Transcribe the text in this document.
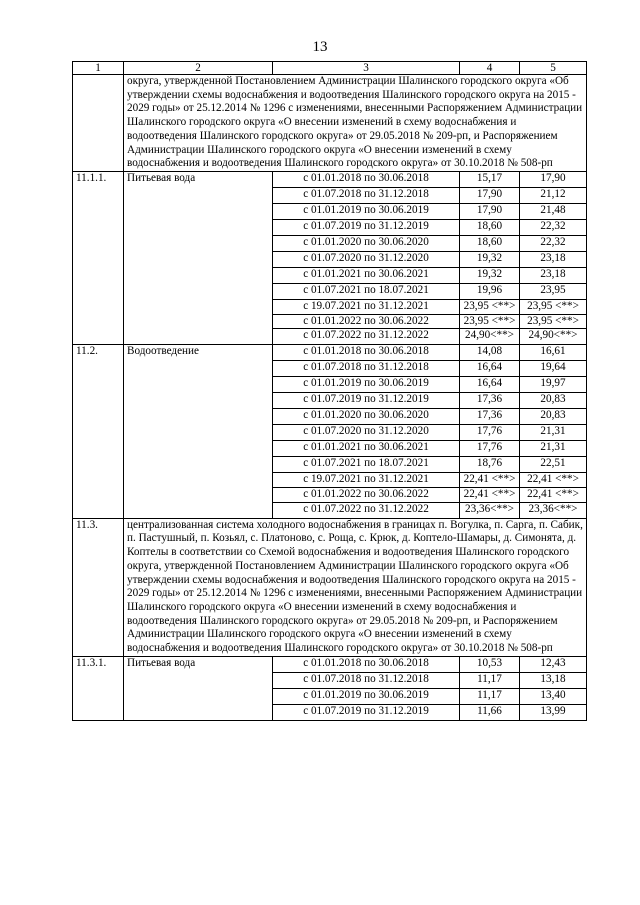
13
1	2	3	4	5
	округа, утвержденной Постановлением Администрации Шалинского городского округа «Об утверждении схемы водоснабжения и водоотведения Шалинского городского округа на 2015 - 2029 годы» от 25.12.2014 № 1296 с изменениями, внесенными Распоряжением Администрации Шалинского городского округа «О внесении изменений в схему водоснабжения и водоотведения Шалинского городского округа» от 29.05.2018 № 209-рп, и Распоряжением Администрации Шалинского городского округа «О внесении изменений в схему водоснабжения и водоотведения Шалинского городского округа» от 30.10.2018 № 508-рп			
11.1.1.	Питьевая вода	с 01.01.2018 по 30.06.2018	15,17	17,90
		с 01.07.2018 по 31.12.2018	17,90	21,12
		с 01.01.2019 по 30.06.2019	17,90	21,48
		с 01.07.2019 по 31.12.2019	18,60	22,32
		с 01.01.2020 по 30.06.2020	18,60	22,32
		с 01.07.2020 по 31.12.2020	19,32	23,18
		с 01.01.2021 по 30.06.2021	19,32	23,18
		с 01.07.2021 по 18.07.2021	19,96	23,95
		с 19.07.2021 по 31.12.2021	23,95 <**>	23,95 <**>
		с 01.01.2022 по 30.06.2022	23,95 <**>	23,95 <**>
		с 01.07.2022 по 31.12.2022	24,90<**>	24,90<**>
11.2.	Водоотведение	с 01.01.2018 по 30.06.2018	14,08	16,61
		с 01.07.2018 по 31.12.2018	16,64	19,64
		с 01.01.2019 по 30.06.2019	16,64	19,97
		с 01.07.2019 по 31.12.2019	17,36	20,83
		с 01.01.2020 по 30.06.2020	17,36	20,83
		с 01.07.2020 по 31.12.2020	17,76	21,31
		с 01.01.2021 по 30.06.2021	17,76	21,31
		с 01.07.2021 по 18.07.2021	18,76	22,51
		с 19.07.2021 по 31.12.2021	22,41 <**>	22,41 <**>
		с 01.01.2022 по 30.06.2022	22,41 <**>	22,41 <**>
		с 01.07.2022 по 31.12.2022	23,36<**>	23,36<**>
11.3.	централизованная система холодного водоснабжения в границах п. Вогулка, п. Сарга, п. Сабик, п. Пастушный, п. Козьял, с. Платоново, с. Роща, с. Крюк, д. Коптело-Шамары, д. Симонята, д. Коптелы в соответствии со Схемой водоснабжения и водоотведения Шалинского городского округа, утвержденной Постановлением Администрации Шалинского городского округа «Об утверждении схемы водоснабжения и водоотведения Шалинского городского округа на 2015 - 2029 годы» от 25.12.2014 № 1296 с изменениями, внесенными Распоряжением Администрации Шалинского городского округа «О внесении изменений в схему водоснабжения и водоотведения Шалинского городского округа» от 29.05.2018 № 209-рп, и Распоряжением Администрации Шалинского городского округа «О внесении изменений в схему водоснабжения и водоотведения Шалинского городского округа» от 30.10.2018 № 508-рп			
11.3.1.	Питьевая вода	с 01.01.2018 по 30.06.2018	10,53	12,43
		с 01.07.2018 по 31.12.2018	11,17	13,18
		с 01.01.2019 по 30.06.2019	11,17	13,40
		с 01.07.2019 по 31.12.2019	11,66	13,99
